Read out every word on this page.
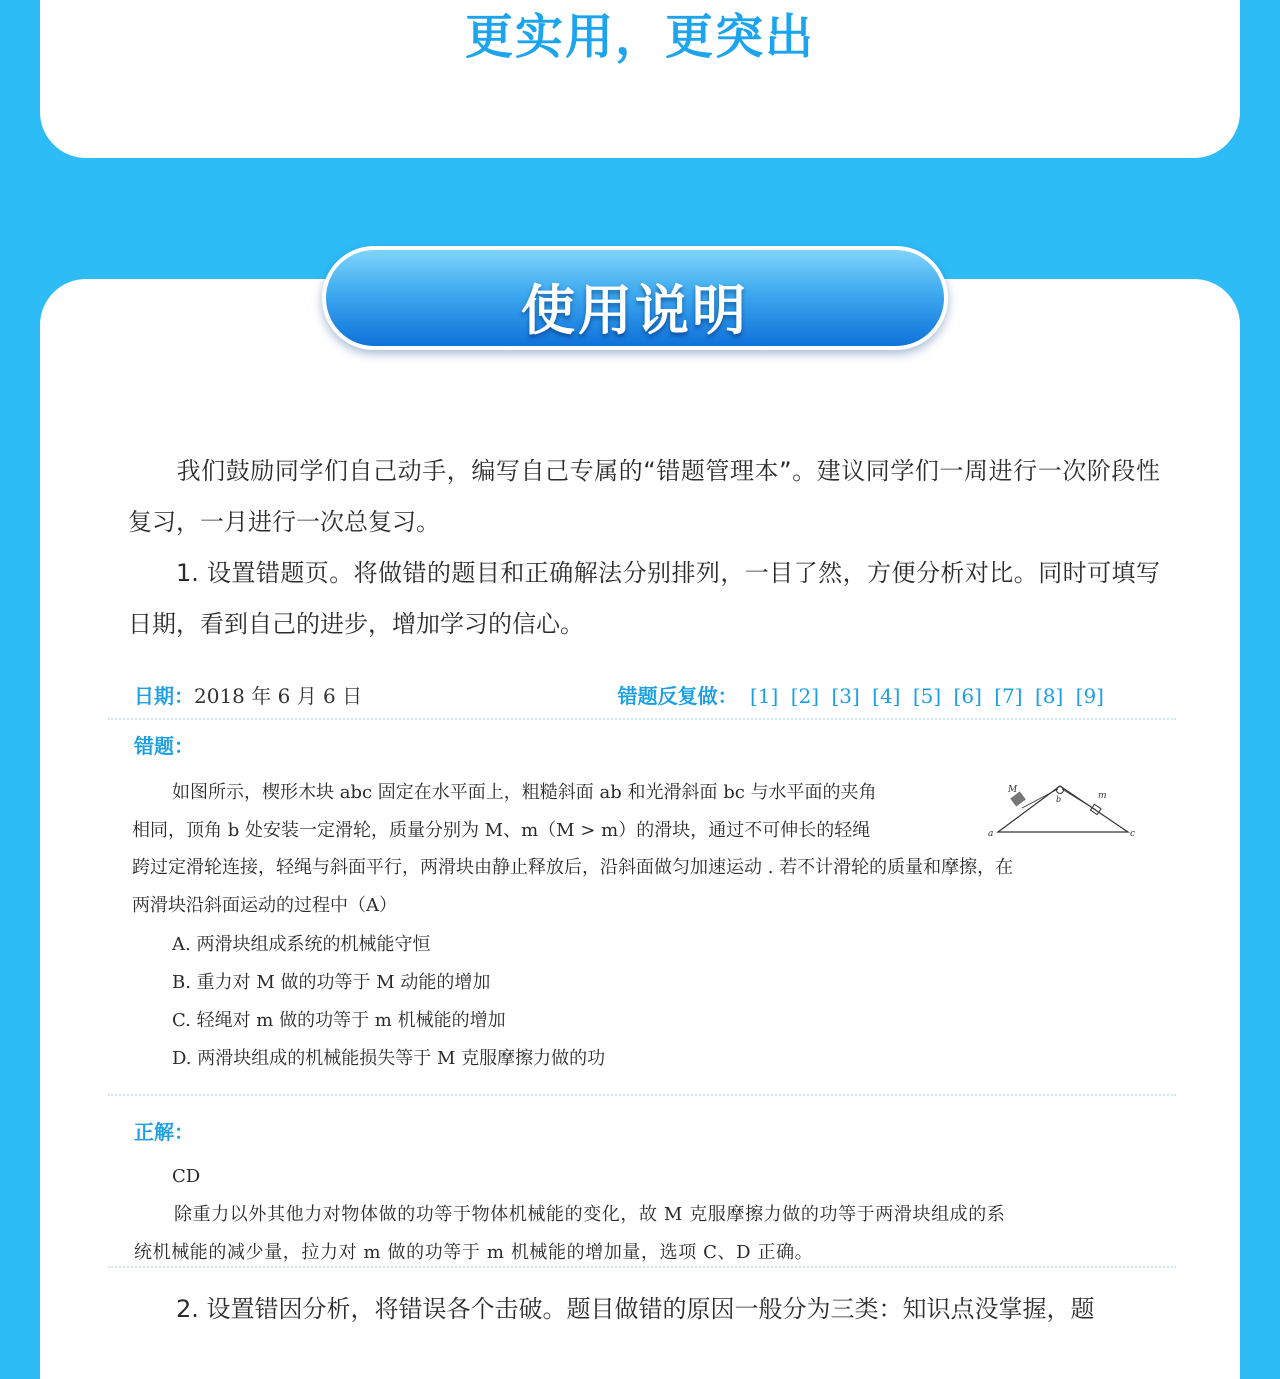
更实用，更突出
使用说明
我们鼓励同学们自己动手，编写自己专属的“错题管理本”。建议同学们一周进行一次阶段性复习，一月进行一次总复习。
1. 设置错题页。将做错的题目和正确解法分别排列，一目了然，方便分析对比。同时可填写日期，看到自己的进步，增加学习的信心。
日期：2018 年 6 月 6 日	错题反复做： [1] [2] [3] [4] [5] [6] [7] [8] [9]
错题：
如图所示，楔形木块 abc 固定在水平面上，粗糙斜面 ab 和光滑斜面 bc 与水平面的夹角
相同，顶角 b 处安装一定滑轮，质量分别为 M、m（M > m）的滑块，通过不可伸长的轻绳
跨过定滑轮连接，轻绳与斜面平行，两滑块由静止释放后，沿斜面做匀加速运动 . 若不计滑轮的质量和摩擦，在
两滑块沿斜面运动的过程中（A）
a
b
c
M
m
A. 两滑块组成系统的机械能守恒
B. 重力对 M 做的功等于 M 动能的增加
C. 轻绳对 m 做的功等于 m 机械能的增加
D. 两滑块组成的机械能损失等于 M 克服摩擦力做的功
正解：
CD
除重力以外其他力对物体做的功等于物体机械能的变化，故 M 克服摩擦力做的功等于两滑块组成的系
统机械能的减少量，拉力对 m 做的功等于 m 机械能的增加量，选项 C、D 正确。
2. 设置错因分析，将错误各个击破。题目做错的原因一般分为三类：知识点没掌握，题
